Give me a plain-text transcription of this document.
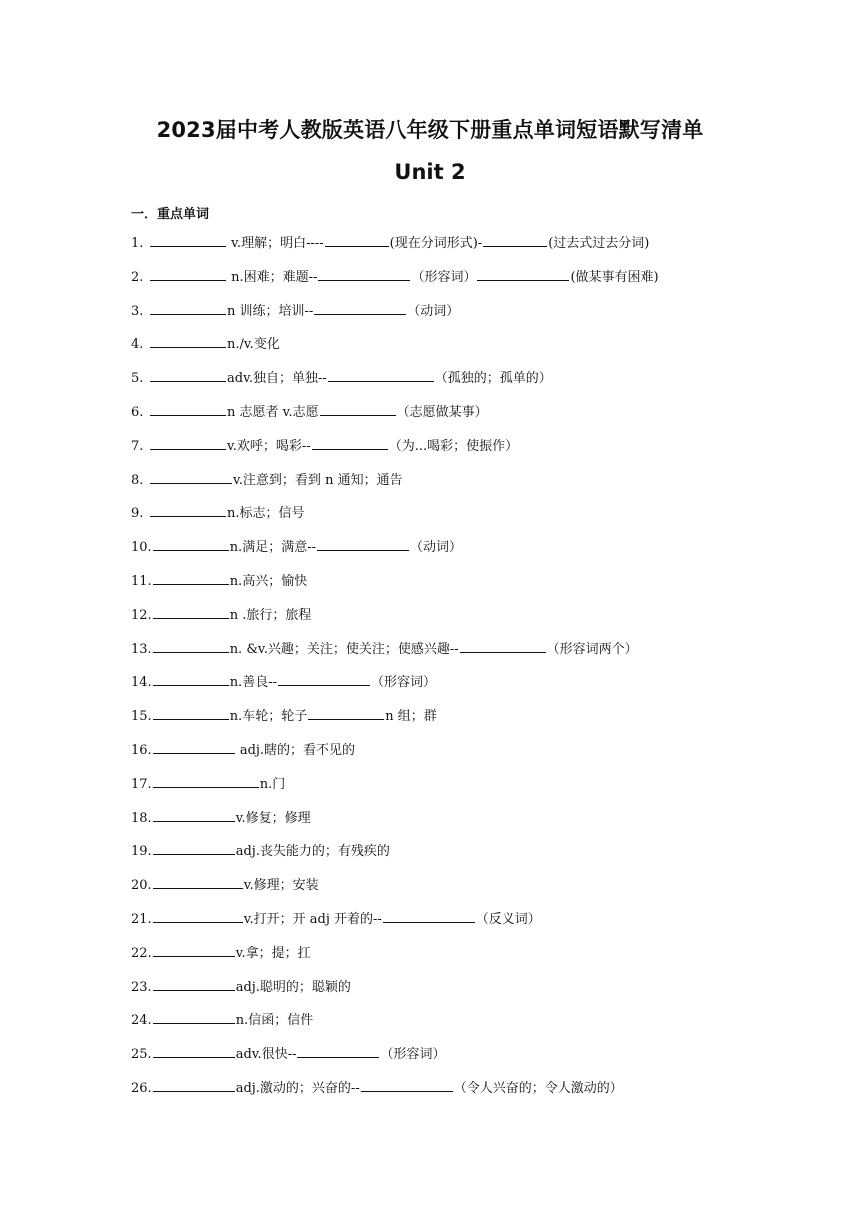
2023届中考人教版英语八年级下册重点单词短语默写清单
Unit 2
一．重点单词
1.	v.理解；明白----	(现在分词形式)-	(过去式过去分词)
2.	n.困难；难题--	（形容词）	(做某事有困难)
3.	n 训练；培训--	（动词）
4.	n./v.变化
5.	adv.独自；单独--	（孤独的；孤单的）
6.	n 志愿者 v.志愿	（志愿做某事）
7.	v.欢呼；喝彩--	（为...喝彩；使振作）
8.	v.注意到；看到 n 通知；通告
9.	n.标志；信号
10.	n.满足；满意--	（动词）
11.	n.高兴；愉快
12.	n .旅行；旅程
13.	n. &v.兴趣；关注；使关注；使感兴趣--	（形容词两个）
14.	n.善良--	（形容词）
15.	n.车轮；轮子	n 组；群
16.	adj.瞎的；看不见的
17.	n.门
18.	v.修复；修理
19.	adj.丧失能力的；有残疾的
20.	v.修理；安装
21.	v.打开；开 adj 开着的--	（反义词）
22.	v.拿；提；扛
23.	adj.聪明的；聪颖的
24.	n.信函；信件
25.	adv.很快--	（形容词）
26.	adj.激动的；兴奋的--	（令人兴奋的；令人激动的）
